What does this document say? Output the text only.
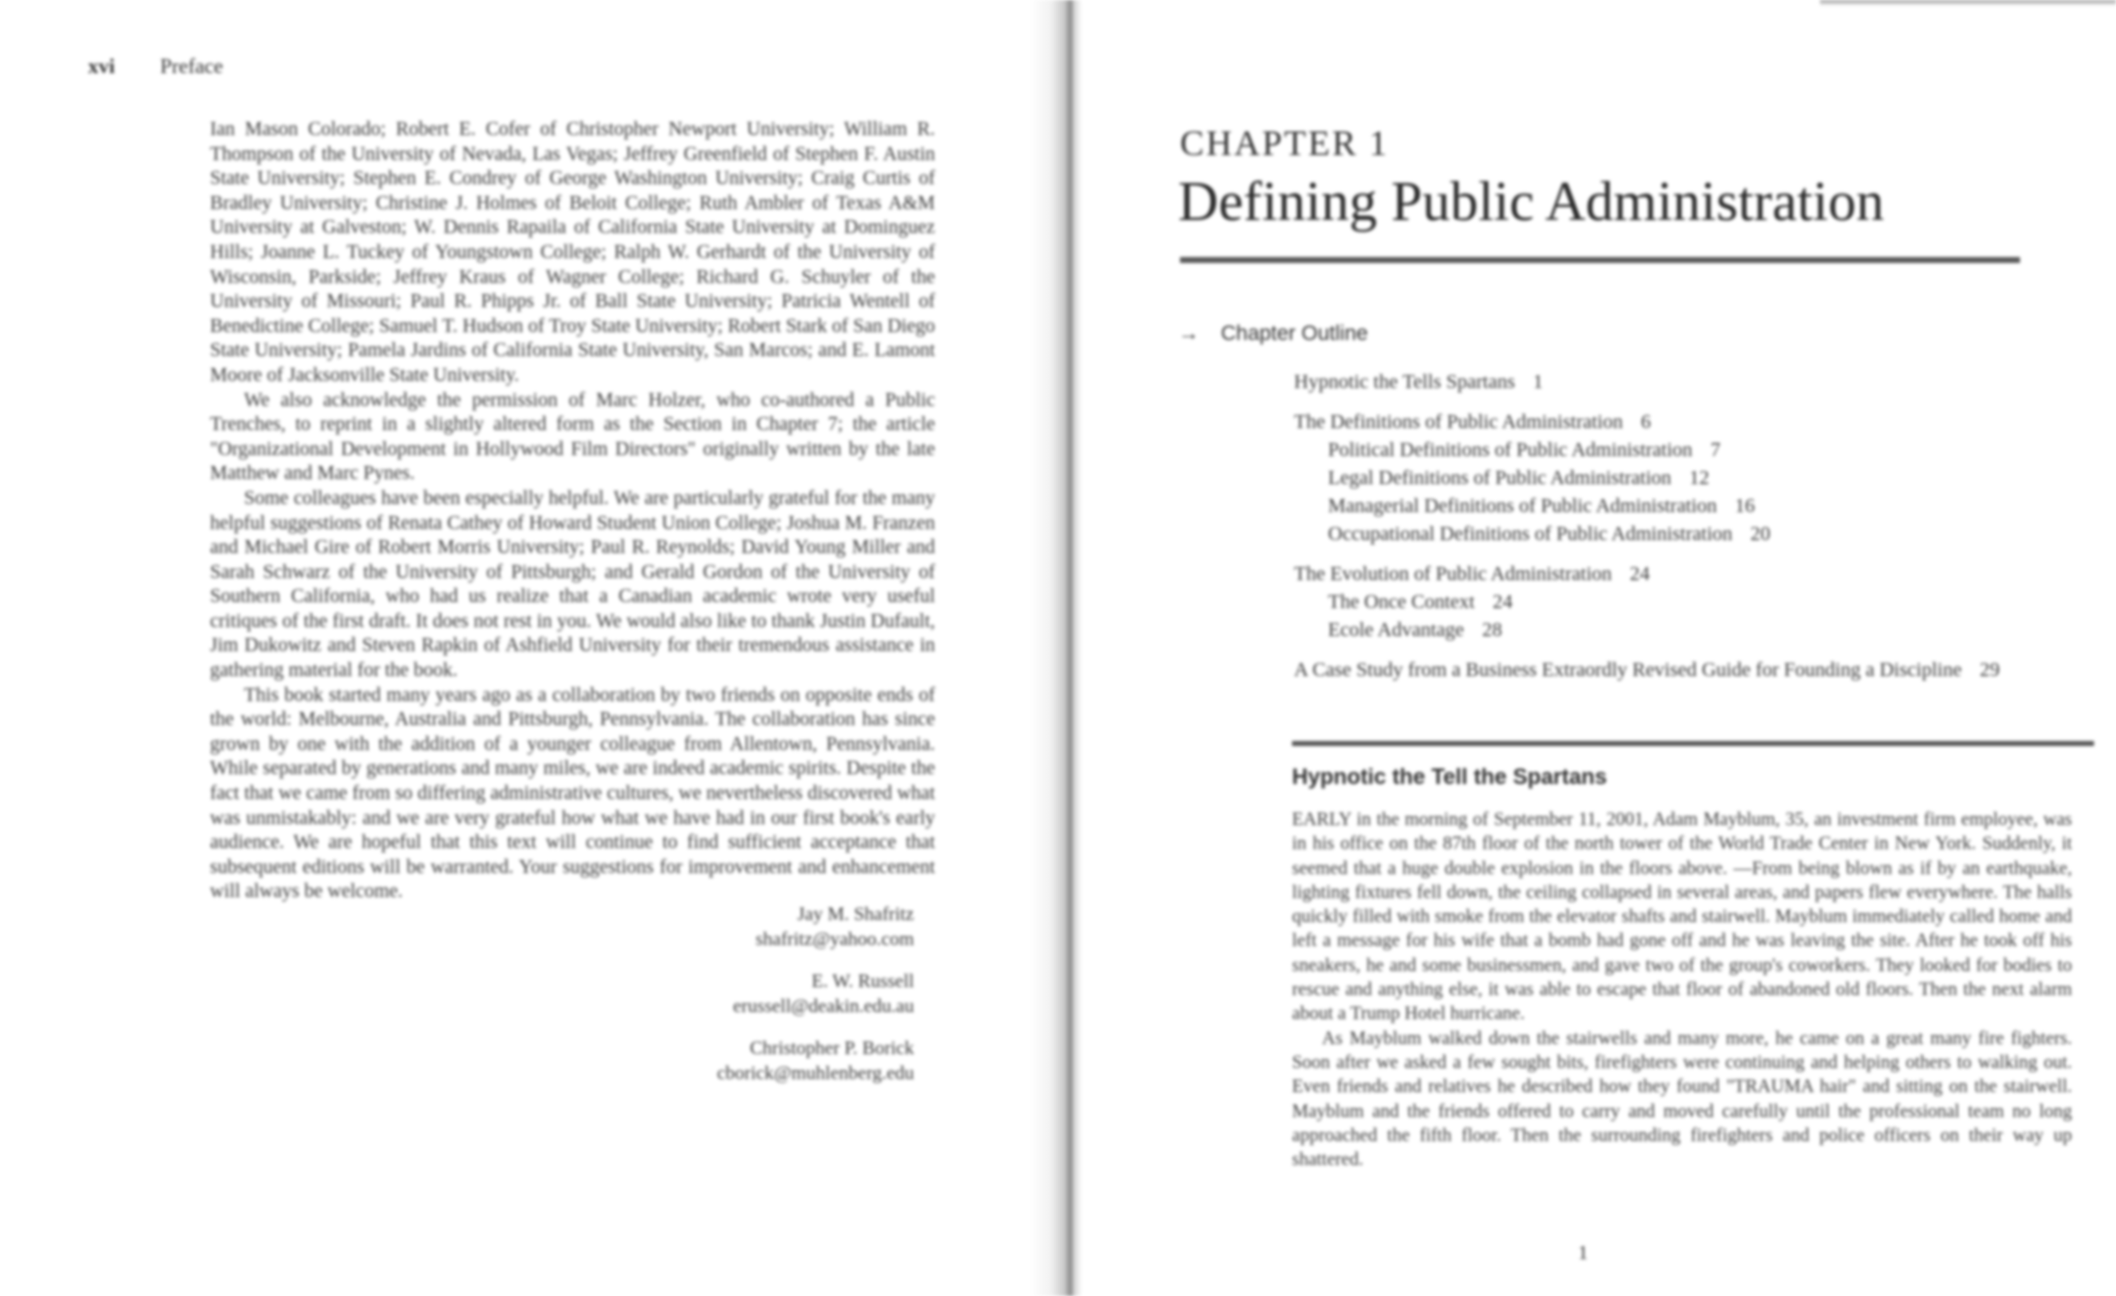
xvi Preface

Ian Mason Colorado; Robert E. Cofer of Christopher Newport University; William R. Thompson of the University of Nevada, Las Vegas; Jeffrey Greenfield of Stephen F. Austin State University; Stephen E. Condrey of George Washington University; Craig Curtis of Bradley University; Christine J. Holmes of Beloit College; Ruth Ambler of Texas A&M University at Galveston; W. Dennis Rapaila of California State University at Dominguez Hills; Joanne L. Tuckey of Youngstown College; Ralph W. Gerhardt of the University of Wisconsin, Parkside; Jeffrey Kraus of Wagner College; Richard G. Schuyler of the University of Missouri; Paul R. Phipps Jr. of Ball State University; Patricia Wentell of Benedictine College; Samuel T. Hudson of Troy State University; Robert Stark of San Diego State University; Pamela Jardins of California State University, San Marcos; and E. Lamont Moore of Jacksonville State University.

We also acknowledge the permission of Marc Holzer, who co-authored a Public Trenches, to reprint in a slightly altered form as the Section in Chapter 7; the article "Organizational Development in Hollywood Film Directors" originally written by the late Matthew and Marc Pynes.

Some colleagues have been especially helpful. We are particularly grateful for the many helpful suggestions of Renata Cathey of Howard Student Union College; Joshua M. Franzen and Michael Gire of Robert Morris University; Paul R. Reynolds; David Young Miller and Sarah Schwarz of the University of Pittsburgh; and Gerald Gordon of the University of Southern California, who had us realize that a Canadian academic wrote very useful critiques of the first draft. It does not rest in you. We would also like to thank Justin Dufault, Jim Dukowitz and Steven Rapkin of Ashfield University for their tremendous assistance in gathering material for the book.

This book started many years ago as a collaboration by two friends on opposite ends of the world: Melbourne, Australia and Pittsburgh, Pennsylvania. The collaboration has since grown by one with the addition of a younger colleague from Allentown, Pennsylvania. While separated by generations and many miles, we are indeed academic spirits. Despite the fact that we came from so differing administrative cultures, we nevertheless discovered what was unmistakably: and we are very grateful how what we have had in our first book's early audience. We are hopeful that this text will continue to find sufficient acceptance that subsequent editions will be warranted. Your suggestions for improvement and enhancement will always be welcome.

Jay M. Shafritz
shafritz@yahoo.com
E. W. Russell
erussell@deakin.edu.au
Christopher P. Borick
cborick@muhlenberg.edu
CHAPTER 1
Defining Public Administration
→ Chapter Outline
Hypnotic the Tells Spartans 1
The Definitions of Public Administration 6
Political Definitions of Public Administration 7
Legal Definitions of Public Administration 12
Managerial Definitions of Public Administration 16
Occupational Definitions of Public Administration 20
The Evolution of Public Administration 24
The Once Context 24
Ecole Advantage 28
A Case Study from a Business Extraordly Revised Guide for Founding a Discipline 29
Hypnotic the Tell the Spartans

EARLY in the morning of September 11, 2001, Adam Mayblum, 35, an investment firm employee, was in his office on the 87th floor of the north tower of the World Trade Center in New York. Suddenly, it seemed that a huge double explosion in the floors above. —From being blown as if by an earthquake, lighting fixtures fell down, the ceiling collapsed in several areas, and papers flew everywhere. The halls quickly filled with smoke from the elevator shafts and stairwell. Mayblum immediately called home and left a message for his wife that a bomb had gone off and he was leaving the site. After he took off his sneakers, he and some businessmen, and gave two of the group's coworkers. They looked for bodies to rescue and anything else, it was able to escape that floor of abandoned old floors. Then the next alarm about a Trump Hotel hurricane.

As Mayblum walked down the stairwells and many more, he came on a great many fire fighters. Soon after we asked a few sought bits, firefighters were continuing and helping others to walking out. Even friends and relatives he described how they found "TRAUMA hair" and sitting on the stairwell. Mayblum and the friends offered to carry and moved carefully until the professional team no long approached the fifth floor. Then the surrounding firefighters and police officers on their way up shattered.

1
